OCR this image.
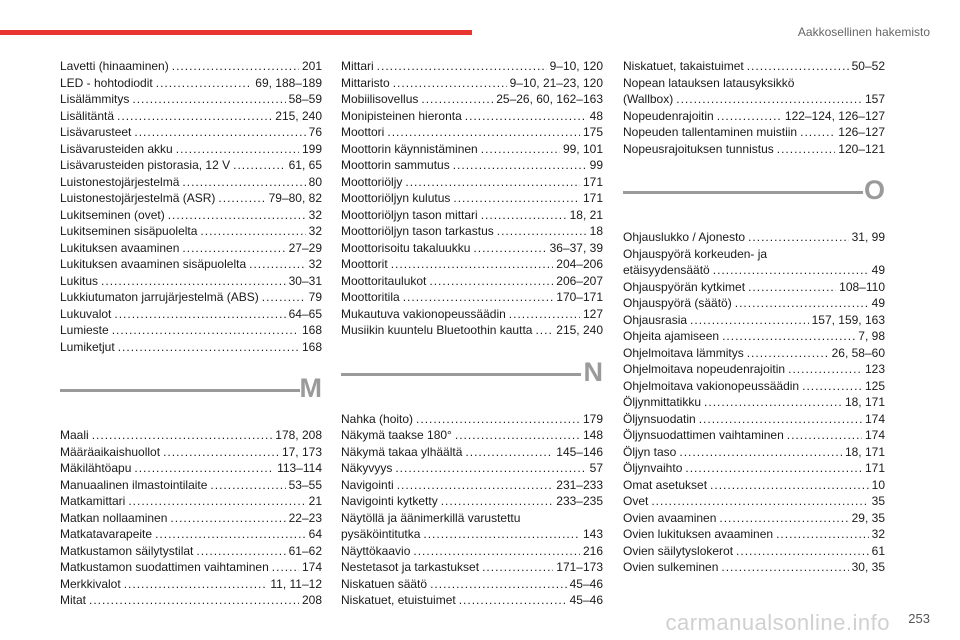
Aakkosellinen hakemisto
Lavetti (hinaaminen) .....	201
LED - hohtodiodit .....	69, 188–189
Lisälämmitys .....	58–59
Lisälitäntä .....	215, 240
Lisävarusteet .....	76
Lisävarusteiden akku .....	199
Lisävarusteiden pistorasia, 12 V .....	61, 65
Luistonestojärjestelmä .....	80
Luistonestojärjestelmä (ASR) .....	79–80, 82
Lukitseminen (ovet) .....	32
Lukitseminen sisäpuolelta .....	32
Lukituksen avaaminen .....	27–29
Lukituksen avaaminen sisäpuolelta .....	32
Lukitus .....	30–31
Lukkiutumaton jarrujärjestelmä (ABS) .....	79
Lukuvalot .....	64–65
Lumieste .....	168
Lumiketjut .....	168
M
Maali .....	178, 208
Määräaikaishuollot .....	17, 173
Mäkilähtöapu .....	113–114
Manuaalinen ilmastointilaite .....	53–55
Matkamittari .....	21
Matkan nollaaminen .....	22–23
Matkatavarapeite .....	64
Matkustamon säilytystilat .....	61–62
Matkustamon suodattimen vaihtaminen .....	174
Merkkivalot .....	11, 11–12
Mitat .....	208
Mittari .....	9–10, 120
Mittaristo .....	9–10, 21–23, 120
Mobiilisovellus .....	25–26, 60, 162–163
Monipisteinen hieronta .....	48
Moottori .....	175
Moottorin käynnistäminen .....	99, 101
Moottorin sammutus .....	99
Moottoriöljy .....	171
Moottoriöljyn kulutus .....	171
Moottoriöljyn tason mittari .....	18, 21
Moottoriöljyn tason tarkastus .....	18
Moottorisoitu takaluukku .....	36–37, 39
Moottorit .....	204–206
Moottoritaulukot .....	206–207
Moottoritila .....	170–171
Mukautuva vakionopeussäädin .....	127
Musiikin kuuntelu Bluetoothin kautta ..... 215, 240
N
Nahka (hoito) .....	179
Näkymä taakse 180° .....	148
Näkymä takaa ylhäältä .....	145–146
Näkyvyys .....	57
Navigointi .....	231–233
Navigointi kytketty .....	233–235
Näytöllä ja äänimerkillä varustettu
pysäköintitutka .....	143
Näyttökaavio .....	216
Nestetasot ja tarkastukset .....	171–173
Niskatuen säätö .....	45–46
Niskatuet, etuistuimet .....	45–46
Niskatuet, takaistuimet .....	50–52
Nopean latauksen latausyksikkö
(Wallbox) .....	157
Nopeudenrajoitin .....	122–124, 126–127
Nopeuden tallentaminen muistiin .....	126–127
Nopeusrajoituksen tunnistus .....	120–121
O
Ohjauslukko / Ajonesto .....	31, 99
Ohjauspyörä korkeuden- ja
etäisyydensäätö .....	49
Ohjauspyörän kytkimet .....	108–110
Ohjauspyörä (säätö) .....	49
Ohjausrasia .....	157, 159, 163
Ohjeita ajamiseen .....	7, 98
Ohjelmoitava lämmitys .....	26, 58–60
Ohjelmoitava nopeudenrajoitin .....	123
Ohjelmoitava vakionopeussäädin .....	125
Öljynmittatikku .....	18, 171
Öljynsuodatin .....	174
Öljynsuodattimen vaihtaminen .....	174
Öljyn taso .....	18, 171
Öljynvaihto .....	171
Omat asetukset .....	10
Ovet .....	35
Ovien avaaminen .....	29, 35
Ovien lukituksen avaaminen .....	32
Ovien säilytyslokerot .....	61
Ovien sulkeminen .....	30, 35
carmanualsonline.info 253
